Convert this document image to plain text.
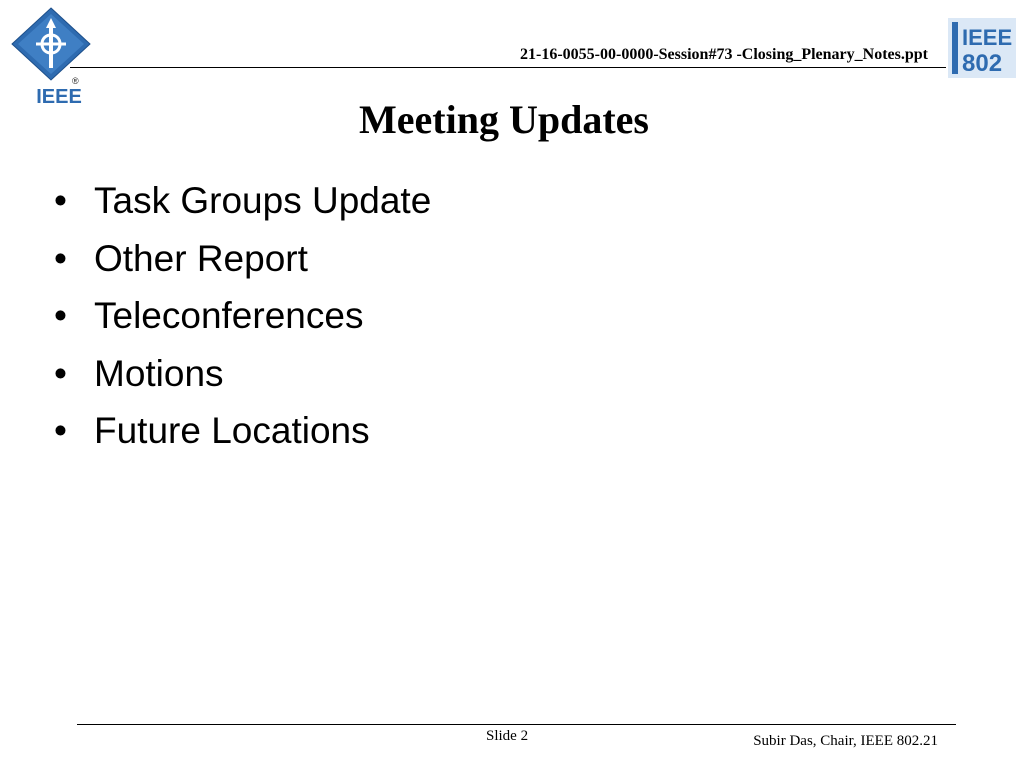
®
IEEE
21-16-0055-00-0000-Session#73 -Closing_Plenary_Notes.ppt
IEEE
802
Meeting Updates
• Task Groups Update
• Other Report
• Teleconferences
• Motions
• Future Locations
Slide 2	Subir Das, Chair, IEEE 802.21
